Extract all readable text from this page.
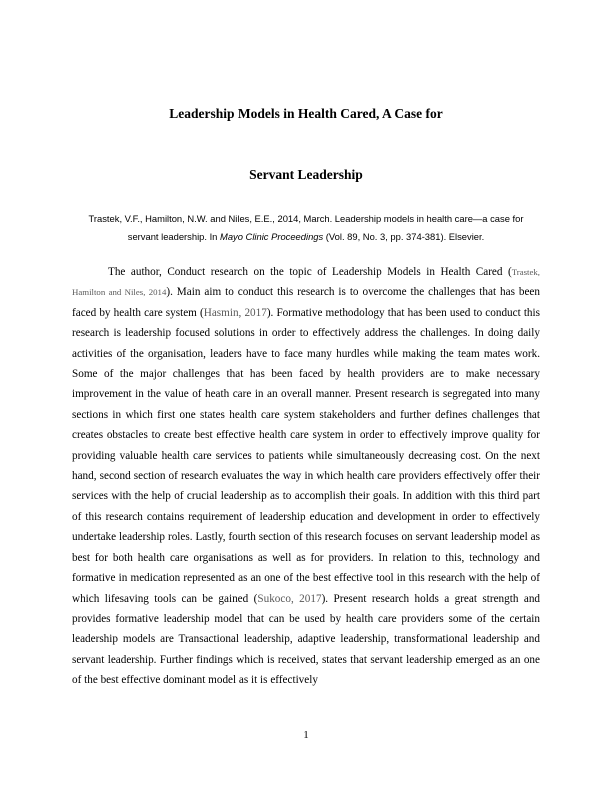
Leadership Models in Health Cared, A Case for
Servant Leadership
Trastek, V.F., Hamilton, N.W. and Niles, E.E., 2014, March. Leadership models in health care—a case for servant leadership. In Mayo Clinic Proceedings (Vol. 89, No. 3, pp. 374-381). Elsevier.
The author, Conduct research on the topic of Leadership Models in Health Cared (Trastek, Hamilton and Niles, 2014). Main aim to conduct this research is to overcome the challenges that has been faced by health care system (Hasmin, 2017). Formative methodology that has been used to conduct this research is leadership focused solutions in order to effectively address the challenges. In doing daily activities of the organisation, leaders have to face many hurdles while making the team mates work. Some of the major challenges that has been faced by health providers are to make necessary improvement in the value of heath care in an overall manner. Present research is segregated into many sections in which first one states health care system stakeholders and further defines challenges that creates obstacles to create best effective health care system in order to effectively improve quality for providing valuable health care services to patients while simultaneously decreasing cost. On the next hand, second section of research evaluates the way in which health care providers effectively offer their services with the help of crucial leadership as to accomplish their goals. In addition with this third part of this research contains requirement of leadership education and development in order to effectively undertake leadership roles. Lastly, fourth section of this research focuses on servant leadership model as best for both health care organisations as well as for providers. In relation to this, technology and formative in medication represented as an one of the best effective tool in this research with the help of which lifesaving tools can be gained (Sukoco, 2017). Present research holds a great strength and provides formative leadership model that can be used by health care providers some of the certain leadership models are Transactional leadership, adaptive leadership, transformational leadership and servant leadership. Further findings which is received, states that servant leadership emerged as an one of the best effective dominant model as it is effectively
1
